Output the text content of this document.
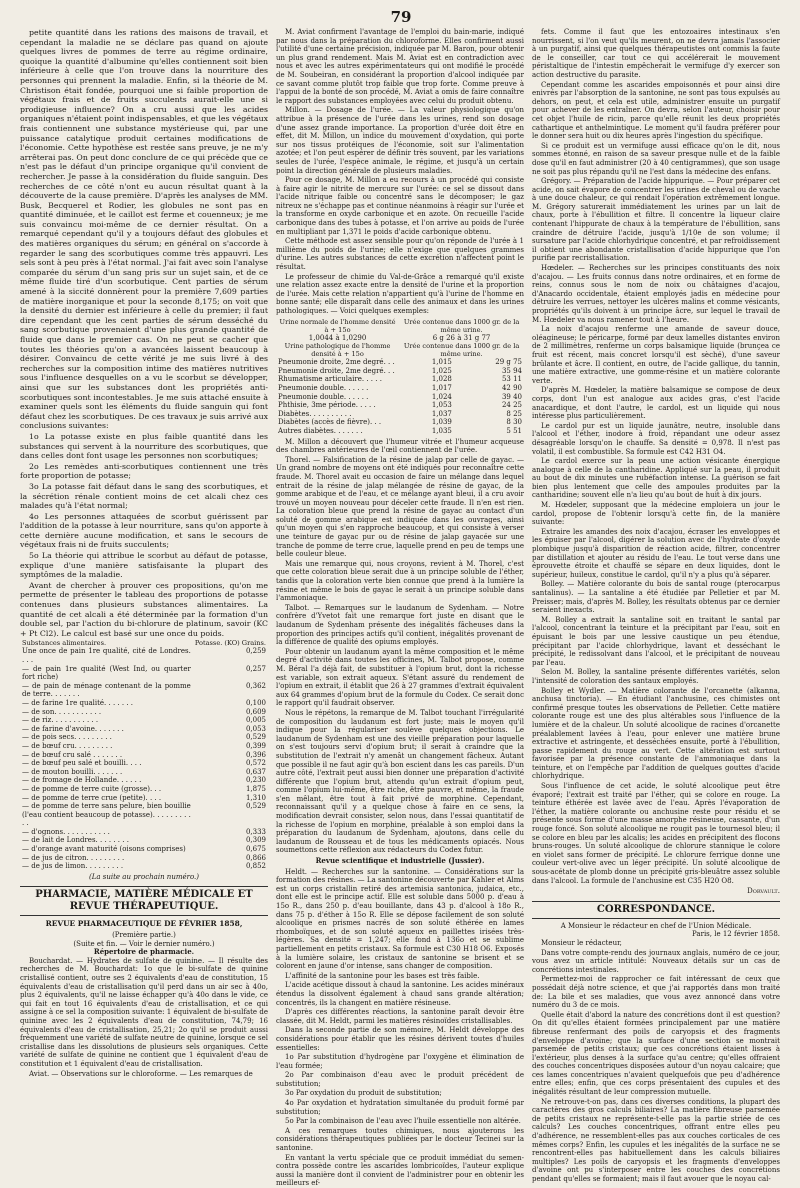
79

petite quantité dans les rations des maisons de travail, et cependant la maladie ne se déclare pas quand on ajoute quelques livres de pommes de terre au régime ordinaire, quoique la quantité d'albumine qu'elles contiennent soit bien inférieure à celle que l'on trouve dans la nourriture des personnes qui prennent la maladie. Enfin, si la théorie de M. Christison était fondée, pourquoi une si faible proportion de végétaux frais et de fruits succulents aurait-elle une si prodigieuse influence? On a cru aussi que les acides organiques n'étaient point indispensables, et que les végétaux frais contiennent une substance mystérieuse qui, par une puissance catalytique produit certaines modifications de l'économie. Cette hypothèse est restée sans preuve, je ne m'y arrêterai pas. On peut donc conclure de ce qui précède que ce n'est pas le défaut d'un principe organique qu'il convient de rechercher. Je passe à la considération du fluide sanguin. Des recherches de ce côté n'ont eu aucun résultat quant à la découverte de la cause première. D'après les analyses de MM. Busk, Becquerel et Rodier, les globules ne sont pas en quantité diminuée, et le caillot est ferme et couenneux; je me suis convaincu moi-même de ce dernier résultat. On a remarqué cependant qu'il y a toujours défaut des globules et des matières organiques du sérum; en général on s'accorde à regarder le sang des scorbutiques comme très appauvri. Les sels sont à peu près à l'état normal. J'ai fait avec soin l'analyse comparée du sérum d'un sang pris sur un sujet sain, et de ce même fluide tiré d'un scorbutique. Cent parties de sérum amené à la siccité donnèrent pour la première 7,609 parties de matière inorganique et pour la seconde 8,175; on voit que la densité du dernier est inférieure à celle du premier; il faut dire cependant que les cent parties de sérum desséché du sang scorbutique provenaient d'une plus grande quantité de fluide que dans le premier cas. On ne peut se cacher que toutes les théories qu'on a avancées laissent beaucoup à désirer. Convaincu de cette vérité je me suis livré à des recherches sur la composition intime des matières nutritives sous l'influence desquelles on a vu le scorbut se développer, ainsi que sur les substances dont les propriétés anti-scorbutiques sont incontestables. Je me suis attaché ensuite à examiner quels sont les éléments du fluide sanguin qui font défaut chez les scorbutiques. De ces travaux je suis arrivé aux conclusions suivantes:

1o La potasse existe en plus faible quantité dans les substances qui servent à la nourriture des scorbutiques, que dans celles dont font usage les personnes non scorbutiques;

2o Les remèdes anti-scorbutiques contiennent une très forte proportion de potasse;

3o La potasse fait défaut dans le sang des scorbutiques, et la sécrétion rénale contient moins de cet alcali chez ces malades qu'à l'état normal;

4o Les personnes attaquées de scorbut guérissent par l'addition de la potasse à leur nourriture, sans qu'on apporte à cette dernière aucune modification, et sans le secours de végétaux frais ni de fruits succulents;

5o La théorie qui attribue le scorbut au défaut de potasse, explique d'une manière satisfaisante la plupart des symptômes de la maladie.

Avant de chercher à prouver ces propositions, qu'on me permette de présenter le tableau des proportions de potasse contenues dans plusieurs substances alimentaires. La quantité de cet alcali a été déterminée par la formation d'un double sel, par l'action du bi-chlorure de platinum, savoir (KC + Pt Cl2). Le calcul est basé sur une once du poids.

Substances alimentaires.	Potasse. (KO) Grains.
Une once de pain 1re qualité, cité de Londres. . . .	0,259
— de pain 1re qualité (West Ind, ou quarter fort riche)	0,257
— de pain de ménage contenant de la pomme de terre. . . . . . .	0,362
— de farine 1re qualité. . . . . . .	0,100
— de son. . . . . . . . . . .	0,609
— de riz. . . . . . . . . . .	0,005
— de farine d'avoine. . . . . . .	0,053
— de pois secs. . . . . . . . .	0,529
— de bœuf cru. . . . . . . . .	0,399
— de bœuf cru salé . . . . . . .	0,396
— de bœuf peu salé et bouilli. . . .	0,572
— de mouton bouilli. . . . . . .	0,637
— de fromage de Hollande. . . . . .	0,230
— de pomme de terre cuite (grosse). . .	1,875
— de pomme de terre crue (petite). . . .	1,310
— de pomme de terre sans pelure, bien bouillie (l'eau contient beaucoup de potasse). . . . . . . . . . .	0,529
— d'ognons. . . . . . . . . . .	0,333
— de lait de Londres. . . . . . . .	0,309
— d'orange avant maturité (oisons comprises)	0,675
— de jus de citron. . . . . . . . .	0,866
— de jus de limon. . . . . . . . .	0,852
(La suite au prochain numéro.)
PHARMACIE, MATIÈRE MÉDICALE ET REVUE THÉRAPEUTIQUE.
REVUE PHARMACEUTIQUE DE FÉVRIER 1858,
(Première partie.)
(Suite et fin. — Voir le dernier numéro.)
Répertoire de pharmacie.

Bouchardat. — Hydrates de sulfate de quinine. — Il résulte des recherches de M. Bouchardat: 1o que le bi-sulfate de quinine cristallisé contient, outre ses 2 équivalents d'eau de constitution, 15 équivalents d'eau de cristallisation qu'il perd dans un air sec à 40o, plus 2 équivalents, qu'il ne laisse échapper qu'à 40o dans le vide, ce qui fait en tout 16 équivalents d'eau de cristallisation, et ce qui assigne à ce sel la composition suivante: 1 équivalent de bi-sulfate de quinine avec les 2 équivalents d'eau de constitution, 74,79; 16 équivalents d'eau de cristallisation, 25,21; 2o qu'il se produit aussi fréquemment une variété de sulfate neutre de quinine, lorsque ce sel cristallise dans les dissolutions de plusieurs sels organiques. Cette variété de sulfate de quinine ne contient que 1 équivalent d'eau de constitution et 1 équivalent d'eau de cristallisation.

Aviat. — Observations sur le chloroforme. — Les remarques de

M. Aviat confirment l'avantage de l'emploi du bain-marie, indiqué par nous dans la préparation du chloroforme. Elles confirment aussi l'utilité d'une certaine précision, indiquée par M. Baron, pour obtenir un plus grand rendement. Mais M. Aviat est en contradiction avec nous et avec les autres expérimentateurs qui ont modifié le procédé de M. Soubeiran, en considérant la proportion d'alcool indiquée par ce savant comme plutôt trop faible que trop forte. Comme preuve à l'appui de la bonté de son procédé, M. Aviat a omis de faire connaître le rapport des substances employées avec celui du produit obtenu.

Millon. — Dosage de l'urée. — La valeur physiologique qu'on attribue à la présence de l'urée dans les urines, rend son dosage d'une assez grande importance. La proportion d'urée doit être en effet, dit M. Millon, un indice du mouvement d'oxydation, qui porte sur nos tissus protéiques de l'économie, soit sur l'alimentation azotée; et l'on peut espérer de définir très souvent, par les variations seules de l'urée, l'espèce animale, le régime, et jusqu'à un certain point la direction générale de plusieurs maladies.

Pour ce dosage, M. Millon a eu recours à un procédé qui consiste à faire agir le nitrite de mercure sur l'urée: ce sel se dissout dans l'acide nitrique faible ou concentré sans le décomposer; le gaz nitreux ne s'échappe pas et continue néanmoins à réagir sur l'urée et la transforme en oxyde carbonique et en azote. On recueille l'acide carbonique dans des tubes à potasse, et l'on arrive au poids de l'urée en multipliant par 1,371 le poids d'acide carbonique obtenu.

Cette méthode est assez sensible pour qu'on réponde de l'urée à 1 millième du poids de l'urine; elle n'exige que quelques grammes d'urine. Les autres substances de cette excrétion n'affectent point le résultat.

Le professeur de chimie du Val-de-Grâce a remarqué qu'il existe une relation assez exacte entre la densité de l'urine et la proportion de l'urée. Mais cette relation n'appartient qu'à l'urine de l'homme en bonne santé; elle disparaît dans celle des animaux et dans les urines pathologiques. — Voici quelques exemples:

Urine normale de l'homme densité à + 15o	Urée contenue dans 1000 gr. de la même urine.	
1,0044 à 1,0290	6 g 26 à 31 g 77	
Urine pathologique de l'homme densité à + 15o	Urée contenue dans 1000 gr. de la même urine.	
Pneumonie droite, 2me degré. . .	1,015	29 g 75
Pneumonie droite, 2me degré. . .	1,025	35 94
Rhumatisme articulaire. . . . .	1,028	53 11
Pneumonie double. . . . . .	1,017	42 90
Pneumonie double. . . . . .	1,024	39 40
Phthisie, 3me période. . . . .	1,053	24 25
Diabètes. . . . . . . . . .	1,037	8 25
Diabètes (accès de fièvre). . .	1,039	8 30
Autres diabètes. . . . . . .	1,035	5 51

M. Millon a découvert que l'humeur vitrée et l'humeur acqueuse des chambres antérieures de l'œil contiennent de l'urée.

Thorel. — Falsification de la résine de jalap par celle de gayac. — Un grand nombre de moyens ont été indiqués pour reconnaître cette fraude. M. Thorel avait eu occasion de faire un mélange dans lequel entrait de la résine de jalap mélangée de résine de gayac, de la gomme arabique et de l'eau, et ce mélange ayant bleui, il a cru avoir trouvé un moyen nouveau pour déceler cette fraude. Il n'en est rien. La coloration bleue que prend la résine de gayac au contact d'un soluté de gomme arabique est indiquée dans les ouvrages, ainsi qu'un moyen qui s'en rapproche beaucoup, et qui consiste à verser une teinture de gayac pur ou de résine de jalap gayacée sur une tranche de pomme de terre crue, laquelle prend en peu de temps une belle couleur bleue.

Mais une remarque qui, nous croyons, revient à M. Thorel, c'est que cette coloration bleue serait due à un principe soluble de l'éther, tandis que la coloration verte bien connue que prend à la lumière la résine et même le bois de gayac le serait à un principe soluble dans l'ammoniaque.

Talbot. — Remarques sur le laudanum de Sydenham. — Notre confrère d'Yvetot fait une remarque fort juste en disant que le laudanum de Sydenham présente des inégalités fâcheuses dans la proportion des principes actifs qu'il contient, inégalités provenant de la différence de qualité des opiums employés.

Pour obtenir un laudanum ayant la même composition et le même degré d'activité dans toutes les officines, M. Talbot propose, comme M. Béral l'a déjà fait, de substituer à l'opium brut, dont la richesse est variable, son extrait aqueux. S'étant assuré du rendement de l'opium en extrait, il établit que 26 à 27 grammes d'extrait équivalent aux 64 grammes d'opium brut de la formule du Codex. Ce serait donc le rapport qu'il faudrait observer.

Nous le répétons, la remarque de M. Talbot touchant l'irrégularité de composition du laudanum est fort juste; mais le moyen qu'il indique pour la régulariser soulève quelques objections. Le laudanum de Sydenham est une des vieille préparation pour laquelle on s'est toujours servi d'opium brut; il serait à craindre que la substitution de l'extrait n'y amenât un changement fâcheux. Autant que possible il ne faut agir qu'à bon escient dans les cas pareils. D'un autre côté, l'extrait peut aussi bien donner une préparation d'activité différente que l'opium brut, attendu qu'un extrait d'opium peut, comme l'opium lui-même, être riche, être pauvre, et même, la fraude s'en mêlant, être tout à fait privé de morphine. Cependant, reconnaissant qu'il y a quelque chose à faire en ce sens, la modification devrait consister, selon nous, dans l'essai quantitatif de la richesse de l'opium en morphine, préalable à son emploi dans la préparation du laudanum de Sydenham, ajoutons, dans celle du laudanum de Rousseau et de tous les médicaments opiacés. Nous soumettons cette réflexion aux rédacteurs du Codex futur.

Revue scientifique et industrielle (Jussier).

Heldt. — Recherches sur la santonine. — Considérations sur la formation des résines. — La santonine découverte par Kahler et Alms est un corps cristallin retiré des artemisia santonica, judaica, etc., dont elle est le principe actif. Elle est soluble dans 5000 p. d'eau à 15o R., dans 250 p. d'eau bouillante, dans 43 p. d'alcool à 18o R., dans 75 p. d'éther à 15o R. Elle se dépose facilement de son soluté alcoolique en prismes nacrés de son soluté éthérée en lames rhomboïques, et de son soluté aqueux en paillettes irisées très-légères. Sa densité = 1,247; elle fond à 136o et se sublime partiellement en petits cristaux. Sa formule est C30 H18 O6. Exposés à la lumière solaire, les cristaux de santonine se brisent et se colorent en jaune d'or intense, sans changer de composition.

L'affinité de la santonine pour les bases est très faible.

L'acide acétique dissout à chaud la santonine. Les acides minéraux étendus la dissolvent également à chaud sans grande altération; concentrés, ils la changent en matière résineuse.

D'après ces différentes réactions, la santonine paraît devoir être classée, dit M. Heldt, parmi les matières résinoïdes cristallisables.

Dans la seconde partie de son mémoire, M. Heldt développe des considérations pour établir que les résines dérivent toutes d'huiles essentielles:

1o Par substitution d'hydrogène par l'oxygène et élimination de l'eau formée;

2o Par combinaison d'eau avec le produit précédent de substitution;

3o Par oxydation du produit de substitution;

4o Par oxydation et hydratation simultanée du produit formé par substitution;

5o Par la combinaison de l'eau avec l'huile essentielle non altérée.

A ces remarques toutes chimiques, nous ajouterons les considérations thérapeutiques publiées par le docteur Tecinei sur la santonine.

En vantant la vertu spéciale que ce produit immédiat du semen-contra possède contre les ascarides lombricoïdes, l'auteur explique aussi la manière dont il convient de l'administrer pour en obtenir les meilleurs ef-

fets. Comme il faut que les entozoaires intestinaux s'en nourrissent, si l'on veut qu'ils meurent, on ne devra jamais l'associer à un purgatif, ainsi que quelques thérapeutistes ont commis la faute de le conseiller, car tout ce qui accélérerait le mouvement péristaltique de l'intestin empêcherait le vermifuge d'y exercer son action destructive du parasite.

Cependant comme les ascarides empoisonnés et pour ainsi dire enivrés par l'absorption de la santonine, ne sont pas tous expulsés au dehors, on peut, et cela est utile, administrer ensuite un purgatif pour achever de les entraîner. On devra, selon l'auteur, choisir pour cet objet l'huile de ricin, parce qu'elle réunit les deux propriétés cathartique et anthelmintique. Le moment qu'il faudra préférer pour le donner sera huit ou dix heures après l'ingestion du spécifique.

Si ce produit est un vermifuge aussi efficace qu'on le dit, nous sommes étonné, en raison de sa saveur presque nulle et de la faible dose qu'il en faut administrer (20 à 40 centigrammes), que son usage ne soit pas plus répandu qu'il ne l'est dans la médecine des enfans.

Grégory. — Préparation de l'acide hippurique. — Pour préparer cet acide, on sait évapore de concentrer les urines de cheval ou de vache à une douce chaleur, ce qui rendait l'opération extrêmement longue. M. Grégory saturerait immédiatement les urines par un lait de chaux, porte à l'ébullition et filtre. Il concentre la liqueur claire contenant l'hippurate de chaux à la température de l'ébullition, sans craindre de détruire l'acide, jusqu'à 1/10e de son volume; il sursature par l'acide chlorhydrique concentré, et par refroidissement il obtient une abondante cristallisation d'acide hippurique que l'on purifie par recristallisation.

Hœdeler. — Recherches sur les principes constituants des noix d'acajou. — Les fruits connus dans notre ordinaires, et en forme de reins, connus sous le nom de noix ou châtaignes d'acajou, d'Anacardo occidentale, étaient employés jadis en médecine pour détruire les verrues, nettoyer les ulcères malins et comme vésicants, propriétés qu'ils doivent à un principe âcre, sur lequel le travail de M. Hœdeler va nous ramener tout à l'heure.

La noix d'acajou renferme une amande de saveur douce, oléagineuse; le péricarpe, formé par deux lamelles distantes environ de 2 millimètres, renferme un corps balsamique liquide (brunçea ce fruit est récent, mais concret lorsqu'il est sèché), d'une saveur brûlante et âcre. Il contient, en outre, de l'acide gallique, du tannin, une matière extractive, une gomme-résine et un matière colorante verte.

D'après M. Hœdeler, la matière balsamique se compose de deux corps, dont l'un est analogue aux acides gras, c'est l'acide anacardique, et dont l'autre, le cardol, est un liquide qui nous intéresse plus particulièrement.

Le cardol pur est un liquide jaunâtre, neutre, insoluble dans l'alcool et l'éther, inodore à froid, répandant une odeur assez désagréable lorsqu'on le chauffe. Sa densité = 0,978. Il n'est pas volatil, il est combustible. Sa formule est C42 H31 O4.

Le cardol exerce sur la peau une action vésicante énergique analogue à celle de la cantharidine. Appliqué sur la peau, il produit au bout de dix minutes une rubéfaction intense. La guérison se fait bien plus lentement que celle des ampoules produites par la cantharidine; souvent elle n'a lieu qu'au bout de huit à dix jours.

M. Hœdeler, supposant que la médecine emploiera un jour le cardol, propose de l'obtenir lorsqu'à cette fin, de la manière suivante:

Extraire les amandes des noix d'acajou, écraser les enveloppes et les épuiser par l'alcool, digérer la solution avec de l'hydrate d'oxyde plombique jusqu'à disparition de réaction acide, filtrer, concentrer par distillation et ajouter au résidu de l'eau. Le tout verse dans une éprouvette étroite et chauffé se sépare en deux liquides, dont le supérieur, huileux, constitue le cardol, qu'il n'y a plus qu'à séparer.

Bolley. — Matière colorante du bois de santal rouge (pterocarpus santalinus). — La santaline a été étudiée par Pelletier et par M. Preisser; mais, d'après M. Bolley, les résultats obtenus par ce dernier seraient inexacts.

M. Bolley a extrait la santaline soit en traitant le santal par l'alcool, concentrant la teinture et la précipitant par l'eau, soit en épuisant le bois par une lessive caustique un peu étendue, précipitant par l'acide chlorhydrique, lavant et desséchant le précipité, le redissolvant dans l'alcool, et le précipitant de nouveau par l'eau.

Selon M. Bolley, la santaline présente différentes variétés, selon l'intensité de coloration des santaux employés.

Bolley et Wydler. — Matière colorante de l'orcanette (alkanna, anchusa tinctoria). — En étudiant l'anchusine, ces chimistes ont confirmé presque toutes les observations de Pelletier. Cette matière colorante rouge est une des plus altérables sous l'influence de la lumière et de la chaleur. Un soluté alcoolique de racines d'orcanette préalablement lavées à l'eau, pour enlever une matière brune extractive et astringente, et desséchées ensuite, porté à l'ébullition, passe rapidement du rouge au vert. Cette altération est surtout favorisée par la présence constante de l'ammoniaque dans la teinture, et on l'empêche par l'addition de quelques gouttes d'acide chlorhydrique.

Sous l'influence de cet acide, le soluté alcoolique peut être évaporé; l'extrait est traité par l'éther, qui se colore en rouge. La teinture éthérée est lavée avec de l'eau. Après l'évaporation de l'éther, la matière colorante ou anchusine reste pour résidu et se présente sous forme d'une masse amorphe résineuse, cassante, d'un rouge foncé. Son soluté alcoolique ne rougit pas le tournesol bleu; il se colore en bleu par les alcalis; les acides en précipitent des flocons bruns-rouges. Un soluté alcoolique de chlorure stannique le colore en violet sans former de précipité. Le chlorure ferrique donne une couleur vert-olive avec un léger précipité. Un soluté alcoolique de sous-acétate de plomb donne un précipité gris-bleuâtre assez soluble dans l'alcool. La formule de l'anchusine est C35 H20 O8.

Dorvault.
CORRESPONDANCE.
A Monsieur le rédacteur en chef de l'Union Médicale.
Paris, le 12 février 1858.

Monsieur le rédacteur,

Dans votre compte-rendu des journaux anglais, numéro de ce jour, vous avez un article intitulé: Nouveaux détails sur un cas de concrétions intestinales.

Permettez-moi de rapprocher ce fait intéressant de ceux que possédait déjà notre science, et que j'ai rapportés dans mon traité de: La bile et ses maladies, que vous avez annoncé dans votre numéro du 3 de ce mois.

Quelle était d'abord la nature des concrétions dont il est question? On dit qu'elles étaient formées principalement par une matière fibreuse renfermant des poils de caryopsis et des fragments d'enveloppe d'avoine; que la surface d'une section se montrait parsemée de petits cristaux; que ces concrétions étaient lisses à l'extérieur, plus denses à la surface qu'au centre; qu'elles offraient des couches concentriques disposées autour d'un noyau calcaire; que ces lames concentriques n'avaient quelquefois que peu d'adhérence entre elles; enfin, que ces corps présentaient des cupules et des inégalités résultant de leur compression mutuelle.

Ne retrouve-t-on pas, dans ces diverses conditions, la plupart des caractères des gros calculs biliaires? La matière fibreuse parsemée de petits cristaux ne représente-t-elle pas la partie striée de ces calculs? Les couches concentriques, offrant entre elles peu d'adhérence, ne ressemblent-elles pas aux couches corticales de ces mêmes corps? Enfin, les cupules et les inégalités de la surface ne se rencontrent-elles pas habituellement dans les calculs biliaires multiples? Les poils de caryopsis et les fragments d'enveloppes d'avoine ont pu s'interposer entre les couches des concrétions pendant qu'elles se formaient; mais il faut avouer que le noyau cal-
